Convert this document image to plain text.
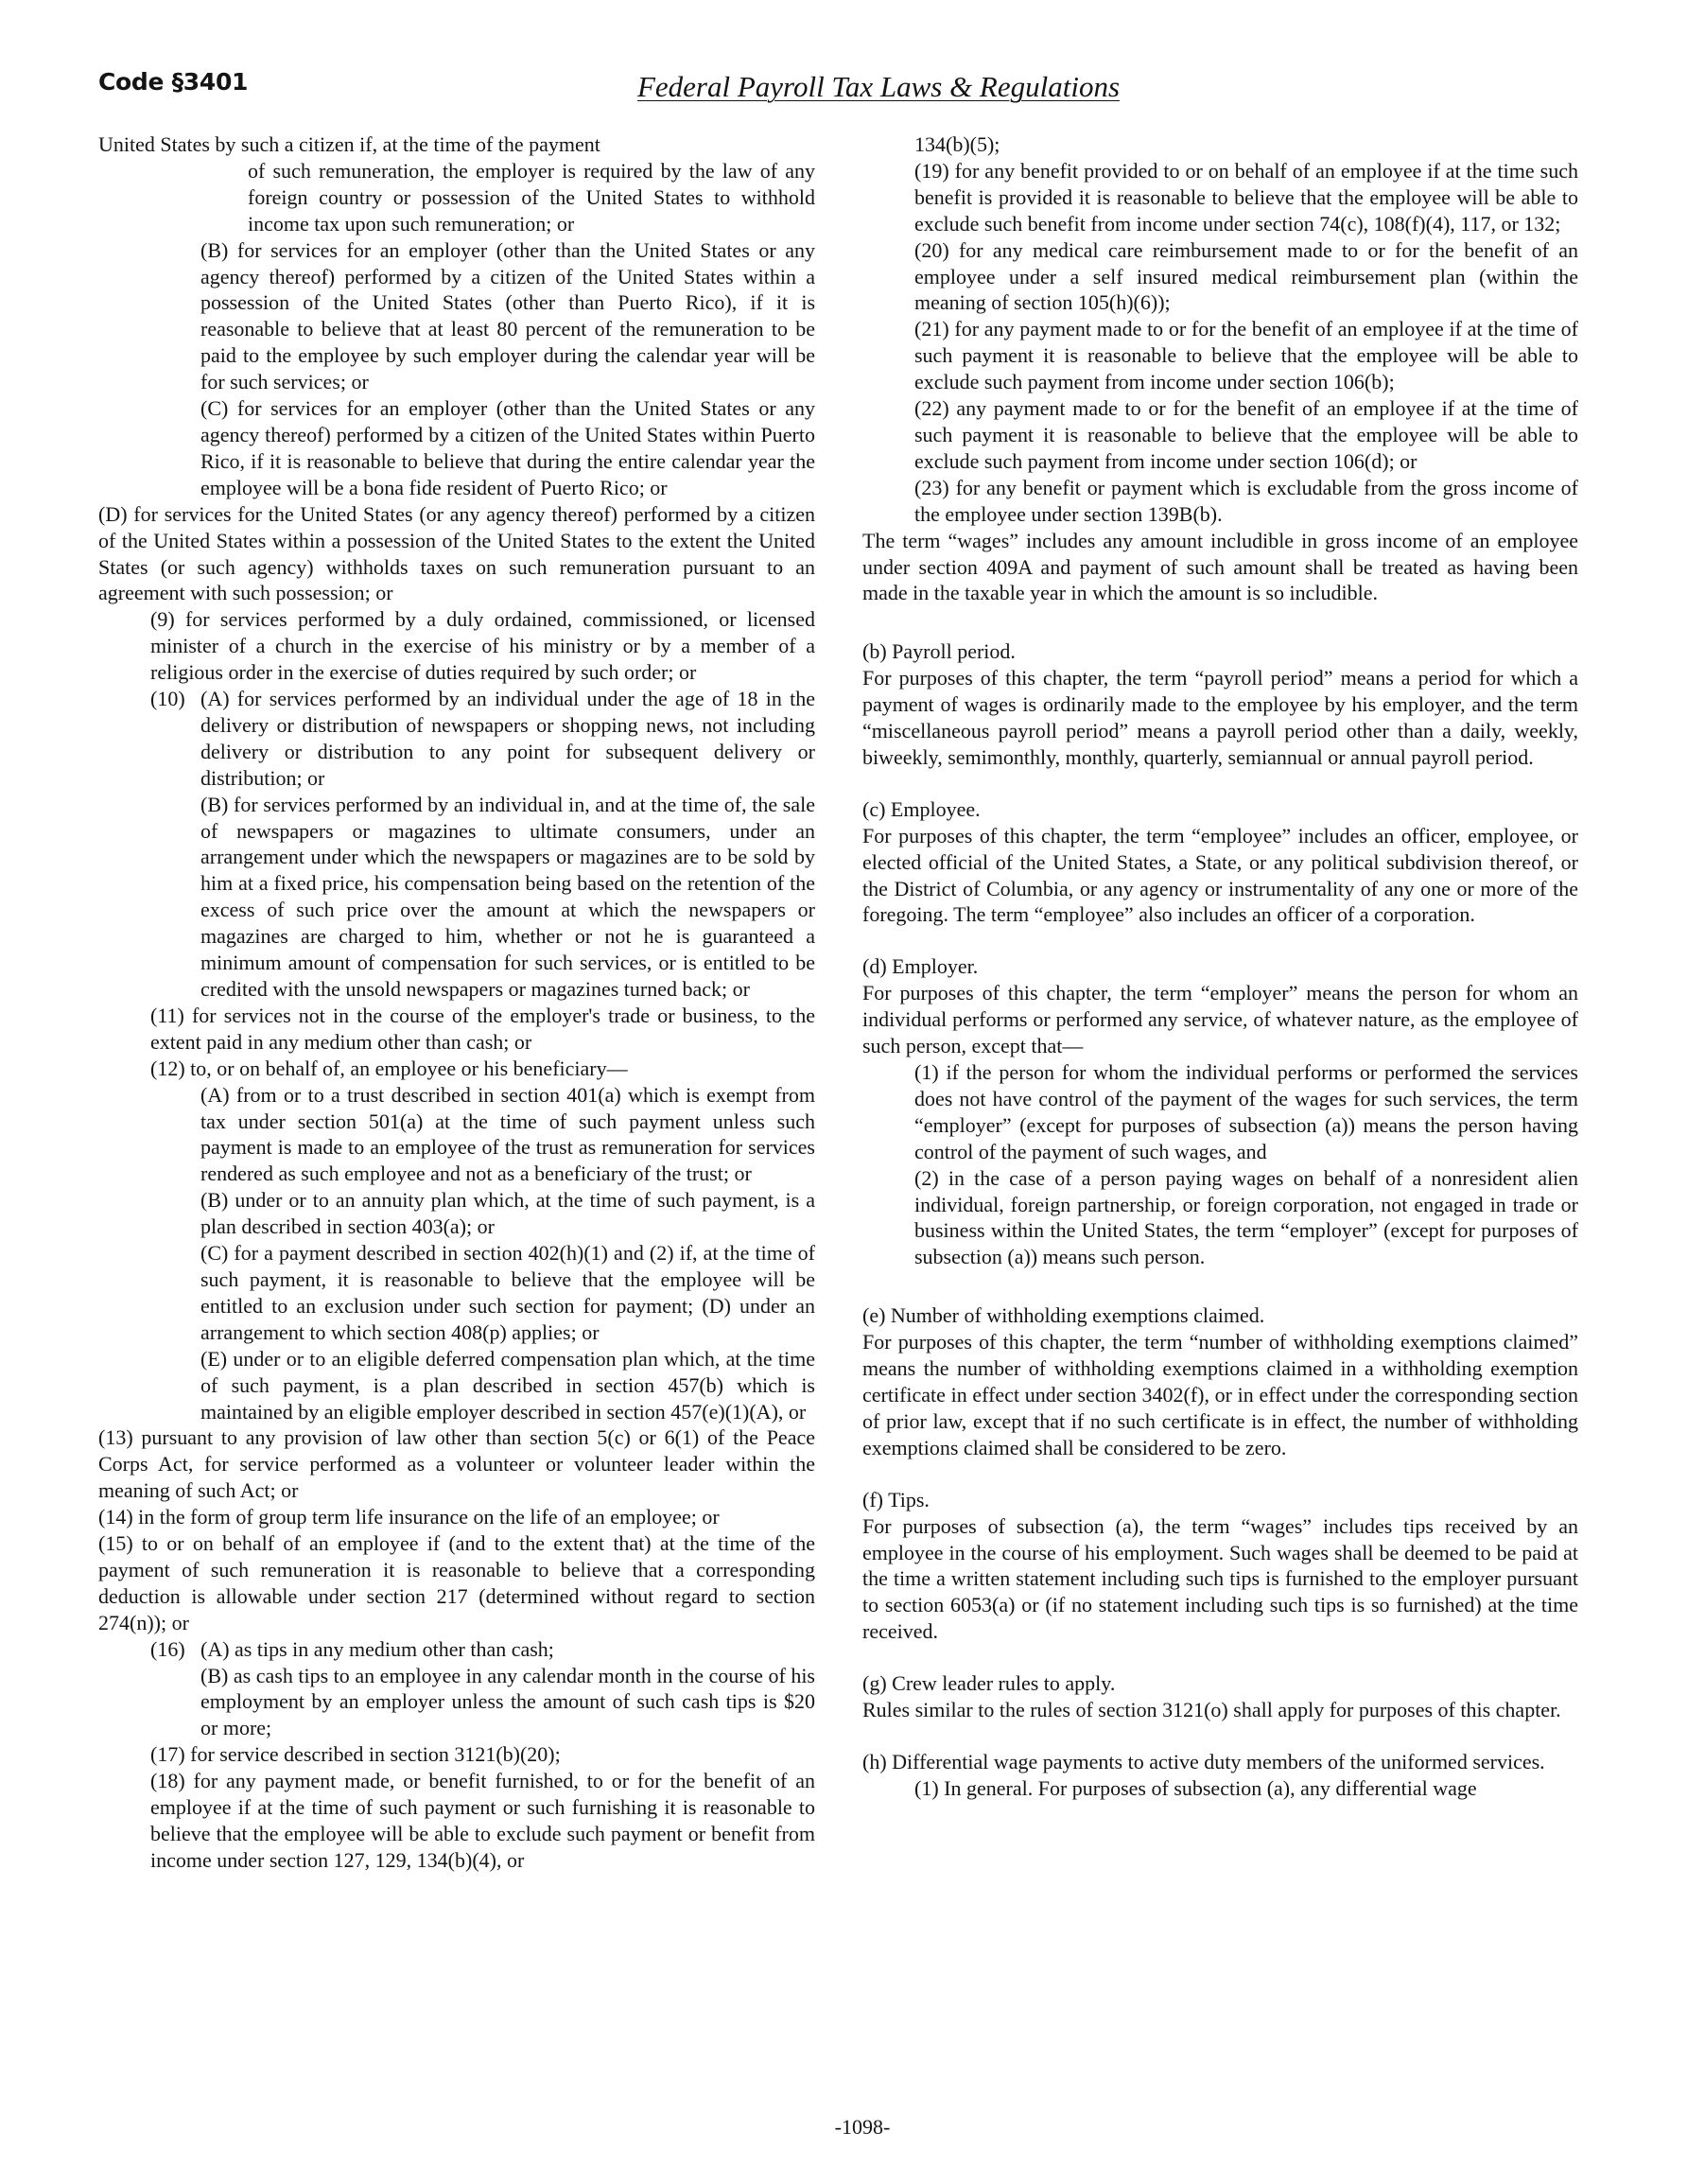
Code §3401	Federal Payroll Tax Laws & Regulations

United States by such a citizen if, at the time of the payment

of such remuneration, the employer is required by the law of any foreign country or possession of the United States to withhold income tax upon such remuneration; or

(B) for services for an employer (other than the United States or any agency thereof) performed by a citizen of the United States within a possession of the United States (other than Puerto Rico), if it is reasonable to believe that at least 80 percent of the remuneration to be paid to the employee by such employer during the calendar year will be for such services; or

(C) for services for an employer (other than the United States or any agency thereof) performed by a citizen of the United States within Puerto Rico, if it is reasonable to believe that during the entire calendar year the employee will be a bona fide resident of Puerto Rico; or

(D) for services for the United States (or any agency thereof) performed by a citizen of the United States within a possession of the United States to the extent the United States (or such agency) withholds taxes on such remuneration pursuant to an agreement with such possession; or

(9) for services performed by a duly ordained, commissioned, or licensed minister of a church in the exercise of his ministry or by a member of a religious order in the exercise of duties required by such order; or

(10) (A) for services performed by an individual under the age of 18 in the delivery or distribution of newspapers or shopping news, not including delivery or distribution to any point for subsequent delivery or distribution; or

(B) for services performed by an individual in, and at the time of, the sale of newspapers or magazines to ultimate consumers, under an arrangement under which the newspapers or magazines are to be sold by him at a fixed price, his compensation being based on the retention of the excess of such price over the amount at which the newspapers or magazines are charged to him, whether or not he is guaranteed a minimum amount of compensation for such services, or is entitled to be credited with the unsold newspapers or magazines turned back; or

(11) for services not in the course of the employer's trade or business, to the extent paid in any medium other than cash; or

(12) to, or on behalf of, an employee or his beneficiary—

(A) from or to a trust described in section 401(a) which is exempt from tax under section 501(a) at the time of such payment unless such payment is made to an employee of the trust as remuneration for services rendered as such employee and not as a beneficiary of the trust; or

(B) under or to an annuity plan which, at the time of such payment, is a plan described in section 403(a); or

(C) for a payment described in section 402(h)(1) and (2) if, at the time of such payment, it is reasonable to believe that the employee will be entitled to an exclusion under such section for payment; (D) under an arrangement to which section 408(p) applies; or

(E) under or to an eligible deferred compensation plan which, at the time of such payment, is a plan described in section 457(b) which is maintained by an eligible employer described in section 457(e)(1)(A), or

(13) pursuant to any provision of law other than section 5(c) or 6(1) of the Peace Corps Act, for service performed as a volunteer or volunteer leader within the meaning of such Act; or

(14) in the form of group term life insurance on the life of an employee; or

(15) to or on behalf of an employee if (and to the extent that) at the time of the payment of such remuneration it is reasonable to believe that a corresponding deduction is allowable under section 217 (determined without regard to section 274(n)); or

(16) (A) as tips in any medium other than cash;

(B) as cash tips to an employee in any calendar month in the course of his employment by an employer unless the amount of such cash tips is $20 or more;

(17) for service described in section 3121(b)(20);

(18) for any payment made, or benefit furnished, to or for the benefit of an employee if at the time of such payment or such furnishing it is reasonable to believe that the employee will be able to exclude such payment or benefit from income under section 127, 129, 134(b)(4), or

134(b)(5);

(19) for any benefit provided to or on behalf of an employee if at the time such benefit is provided it is reasonable to believe that the employee will be able to exclude such benefit from income under section 74(c), 108(f)(4), 117, or 132;

(20) for any medical care reimbursement made to or for the benefit of an employee under a self insured medical reimbursement plan (within the meaning of section 105(h)(6));

(21) for any payment made to or for the benefit of an employee if at the time of such payment it is reasonable to believe that the employee will be able to exclude such payment from income under section 106(b);

(22) any payment made to or for the benefit of an employee if at the time of such payment it is reasonable to believe that the employee will be able to exclude such payment from income under section 106(d); or

(23) for any benefit or payment which is excludable from the gross income of the employee under section 139B(b).

The term “wages” includes any amount includible in gross income of an employee under section 409A and payment of such amount shall be treated as having been made in the taxable year in which the amount is so includible.

(b) Payroll period.

For purposes of this chapter, the term “payroll period” means a period for which a payment of wages is ordinarily made to the employee by his employer, and the term “miscellaneous payroll period” means a payroll period other than a daily, weekly, biweekly, semimonthly, monthly, quarterly, semiannual or annual payroll period.

(c) Employee.

For purposes of this chapter, the term “employee” includes an officer, employee, or elected official of the United States, a State, or any political subdivision thereof, or the District of Columbia, or any agency or instrumentality of any one or more of the foregoing. The term “employee” also includes an officer of a corporation.

(d) Employer.

For purposes of this chapter, the term “employer” means the person for whom an individual performs or performed any service, of whatever nature, as the employee of such person, except that—

(1) if the person for whom the individual performs or performed the services does not have control of the payment of the wages for such services, the term “employer” (except for purposes of subsection (a)) means the person having control of the payment of such wages, and

(2) in the case of a person paying wages on behalf of a nonresident alien individual, foreign partnership, or foreign corporation, not engaged in trade or business within the United States, the term “employer” (except for purposes of subsection (a)) means such person.

(e) Number of withholding exemptions claimed.

For purposes of this chapter, the term “number of withholding exemptions claimed” means the number of withholding exemptions claimed in a withholding exemption certificate in effect under section 3402(f), or in effect under the corresponding section of prior law, except that if no such certificate is in effect, the number of withholding exemptions claimed shall be considered to be zero.

(f) Tips.

For purposes of subsection (a), the term “wages” includes tips received by an employee in the course of his employment. Such wages shall be deemed to be paid at the time a written statement including such tips is furnished to the employer pursuant to section 6053(a) or (if no statement including such tips is so furnished) at the time received.

(g) Crew leader rules to apply.

Rules similar to the rules of section 3121(o) shall apply for purposes of this chapter.

(h) Differential wage payments to active duty members of the uniformed services.

(1) In general. For purposes of subsection (a), any differential wage

-1098-
